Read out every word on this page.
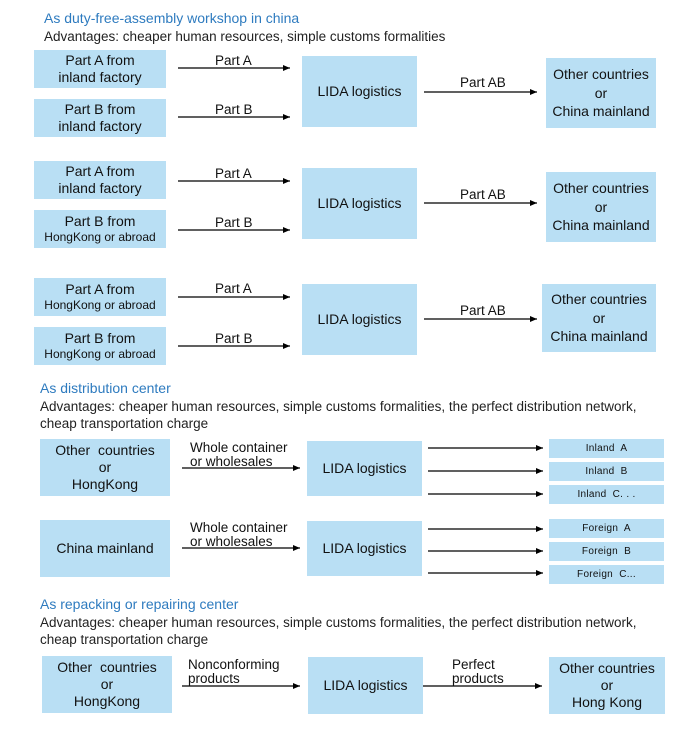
As duty-free-assembly workshop in china
Advantages: cheaper human resources, simple customs formalities
Part A from
inland factory
Part B from
inland factory
Part A
Part B
LIDA logistics
Part AB
Other countries
or
China mainland
Part A from
inland factory
Part B from
HongKong or abroad
Part A
Part B
LIDA logistics
Part AB	Other countries
or
China mainland
Part A from
HongKong or abroad
Part B from
HongKong or abroad
Part A
Part B
LIDA logistics
Part AB
Other countries
or
China mainland
As distribution center
Advantages: cheaper human resources, simple customs formalities, the perfect distribution network,
cheap transportation charge
Other  countries
or
HongKong
Whole container
or wholesales	LIDA logistics
Inland  A
Inland  B
Inland  C. . .
China mainland
Whole container
or wholesales	LIDA logistics
Foreign  A
Foreign  B
Foreign  C...
As repacking or repairing center
Advantages: cheaper human resources, simple customs formalities, the perfect distribution network,
cheap transportation charge
Other  countries
or
HongKong
Nonconforming
products	LIDA logistics
Perfect
products
Other countries
or
Hong Kong
